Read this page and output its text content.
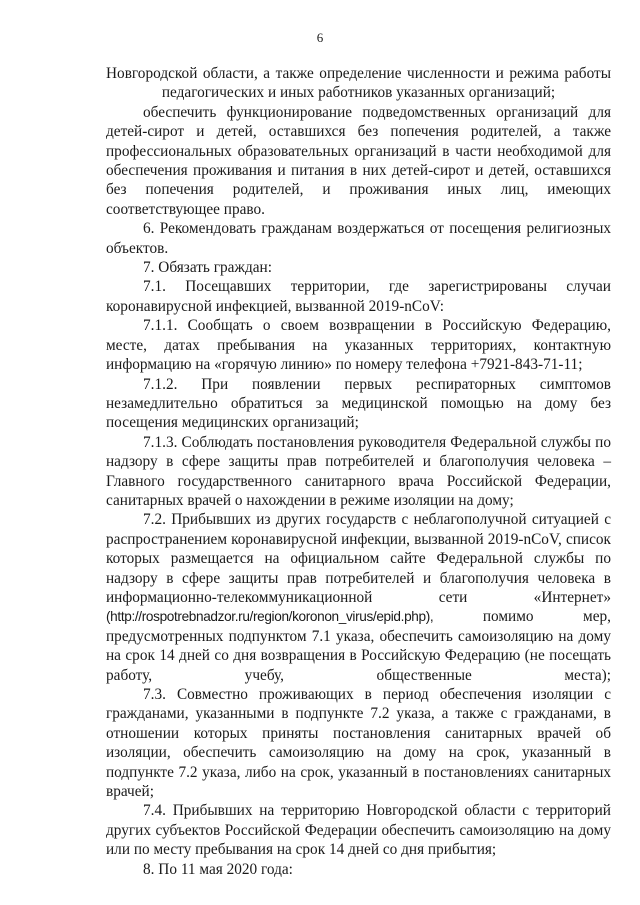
6

Новгородской области, а также определение численности и режима работы

педагогических и иных работников указанных организаций;

обеспечить функционирование подведомственных организаций для детей-сирот и детей, оставшихся без попечения родителей, а также профессиональных образовательных организаций в части необходимой для обеспечения проживания и питания в них детей-сирот и детей, оставшихся без попечения родителей, и проживания иных лиц, имеющих соответствующее право.

6. Рекомендовать гражданам воздержаться от посещения религиозных объектов.

7. Обязать граждан:

7.1. Посещавших территории, где зарегистрированы случаи коронавирусной инфекцией, вызванной 2019-nCoV:

7.1.1. Сообщать о своем возвращении в Российскую Федерацию, месте, датах пребывания на указанных территориях, контактную информацию на «горячую линию» по номеру телефона +7921-843-71-11;

7.1.2. При появлении первых респираторных симптомов незамедлительно обратиться за медицинской помощью на дому без посещения медицинских организаций;

7.1.3. Соблюдать постановления руководителя Федеральной службы по надзору в сфере защиты прав потребителей и благополучия человека – Главного государственного санитарного врача Российской Федерации, санитарных врачей о нахождении в режиме изоляции на дому;

7.2. Прибывших из других государств с неблагополучной ситуацией с распространением коронавирусной инфекции, вызванной 2019-nCoV, список которых размещается на официальном сайте Федеральной службы по надзору в сфере защиты прав потребителей и благополучия человека в информационно-телекоммуникационной сети «Интернет»

(http://rospotrebnadzor.ru/region/koronon_virus/epid.php),	помимо мер, предусмотренных подпунктом 7.1 указа, обеспечить самоизоляцию на дому на срок 14 дней со дня возвращения в Российскую Федерацию (не посещать работу, учебу, общественные места);

7.3. Совместно проживающих в период обеспечения изоляции с гражданами, указанными в подпункте 7.2 указа, а также с гражданами, в отношении которых приняты постановления санитарных врачей об изоляции, обеспечить самоизоляцию на дому на срок, указанный в подпункте 7.2 указа, либо на срок, указанный в постановлениях санитарных врачей;

7.4. Прибывших на территорию Новгородской области с территорий других субъектов Российской Федерации обеспечить самоизоляцию на дому или по месту пребывания на срок 14 дней со дня прибытия;

8. По 11 мая 2020 года:
